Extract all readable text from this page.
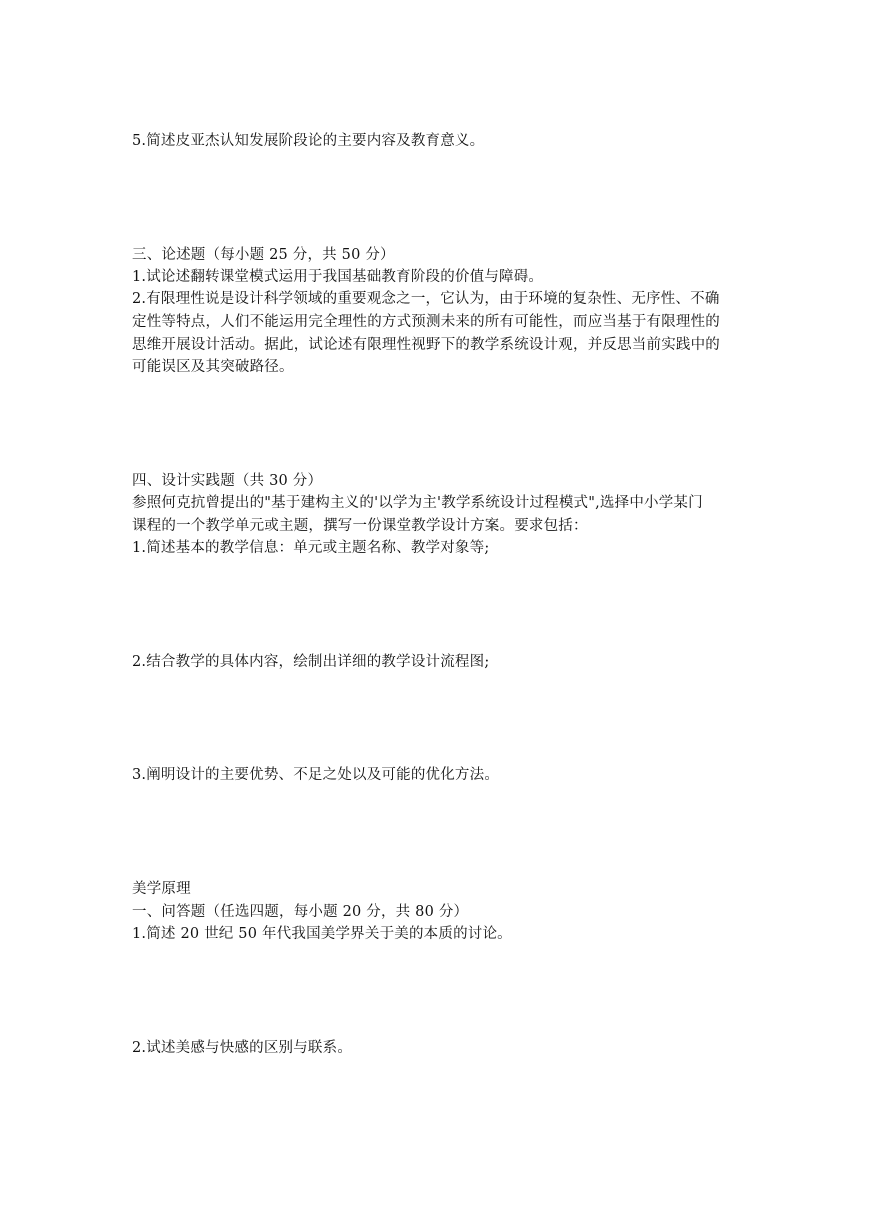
5.简述皮亚杰认知发展阶段论的主要内容及教育意义。
三、论述题（每小题 25 分，共 50 分）
1.试论述翻转课堂模式运用于我国基础教育阶段的价值与障碍。
2.有限理性说是设计科学领域的重要观念之一，它认为，由于环境的复杂性、无序性、不确
定性等特点，人们不能运用完全理性的方式预测未来的所有可能性，而应当基于有限理性的
思维开展设计活动。据此，试论述有限理性视野下的教学系统设计观，并反思当前实践中的
可能误区及其突破路径。
四、设计实践题（共 30 分）
参照何克抗曾提出的"基于建构主义的'以学为主'教学系统设计过程模式",选择中小学某门
课程的一个教学单元或主题，撰写一份课堂教学设计方案。要求包括：
1.简述基本的教学信息：单元或主题名称、教学对象等;
2.结合教学的具体内容，绘制出详细的教学设计流程图;
3.阐明设计的主要优势、不足之处以及可能的优化方法。
美学原理
一、问答题（任选四题，每小题 20 分，共 80 分）
1.简述 20 世纪 50 年代我国美学界关于美的本质的讨论。
2.试述美感与快感的区别与联系。
